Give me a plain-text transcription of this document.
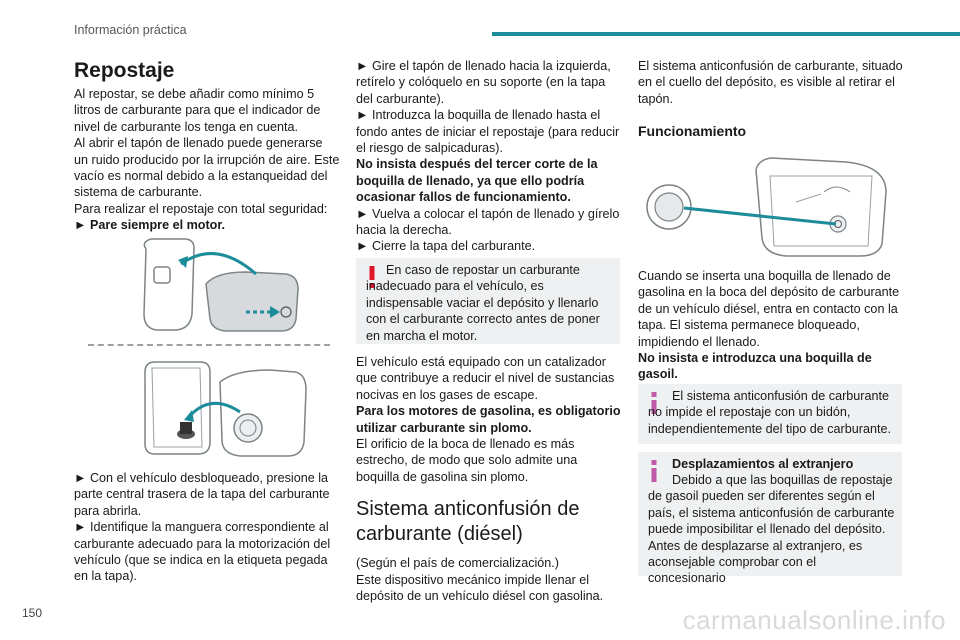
Información práctica
Repostaje

Al repostar, se debe añadir como mínimo 5 litros de carburante para que el indicador de nivel de carburante los tenga en cuenta.

Al abrir el tapón de llenado puede generarse un ruido producido por la irrupción de aire. Este vacío es normal debido a la estanqueidad del sistema de carburante.

Para realizar el repostaje con total seguridad:

► Pare siempre el motor.

► Con el vehículo desbloqueado, presione la parte central trasera de la tapa del carburante para abrirla.

► Identifique la manguera correspondiente al carburante adecuado para la motorización del vehículo (que se indica en la etiqueta pegada en la tapa).

► Gire el tapón de llenado hacia la izquierda, retírelo y colóquelo en su soporte (en la tapa del carburante).

► Introduzca la boquilla de llenado hasta el fondo antes de iniciar el repostaje (para reducir el riesgo de salpicaduras).

No insista después del tercer corte de la boquilla de llenado, ya que ello podría ocasionar fallos de funcionamiento.

► Vuelva a colocar el tapón de llenado y gírelo hacia la derecha.

► Cierre la tapa del carburante.

En caso de repostar un carburante inadecuado para el vehículo, es indispensable vaciar el depósito y llenarlo con el carburante correcto antes de poner en marcha el motor.

El vehículo está equipado con un catalizador que contribuye a reducir el nivel de sustancias nocivas en los gases de escape.

Para los motores de gasolina, es obligatorio utilizar carburante sin plomo.

El orificio de la boca de llenado es más estrecho, de modo que solo admite una boquilla de gasolina sin plomo.

Sistema anticonfusión de carburante (diésel)

(Según el país de comercialización.)

Este dispositivo mecánico impide llenar el depósito de un vehículo diésel con gasolina.

El sistema anticonfusión de carburante, situado en el cuello del depósito, es visible al retirar el tapón.

Funcionamiento

Cuando se inserta una boquilla de llenado de gasolina en la boca del depósito de carburante de un vehículo diésel, entra en contacto con la tapa. El sistema permanece bloqueado, impidiendo el llenado.

No insista e introduzca una boquilla de gasoil.

El sistema anticonfusión de carburante no impide el repostaje con un bidón, independientemente del tipo de carburante.

Desplazamientos al extranjero

Debido a que las boquillas de repostaje de gasoil pueden ser diferentes según el país, el sistema anticonfusión de carburante puede imposibilitar el llenado del depósito. Antes de desplazarse al extranjero, es aconsejable comprobar con el concesionario

150	carmanualsonline.info
